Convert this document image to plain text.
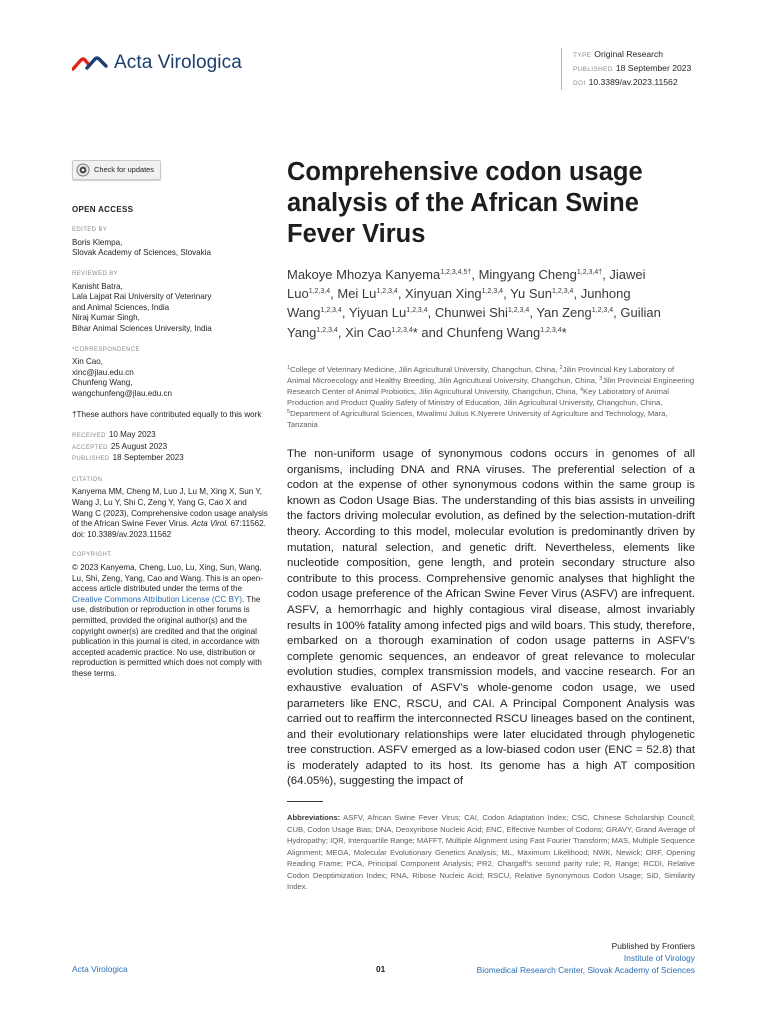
Acta Virologica	TYPE Original Research
PUBLISHED 18 September 2023
DOI 10.3389/av.2023.11562
Check for updates
OPEN ACCESS
EDITED BY
Boris Klempa,
Slovak Academy of Sciences, Slovakia
REVIEWED BY
Kanisht Batra,
Lala Lajpat Rai University of Veterinary
and Animal Sciences, India
Niraj Kumar Singh,
Bihar Animal Sciences University, India
*CORRESPONDENCE
Xin Cao,
xinc@jlau.edu.cn
Chunfeng Wang,
wangchunfeng@jlau.edu.cn
†These authors have contributed equally to this work
RECEIVED 10 May 2023
ACCEPTED 25 August 2023
PUBLISHED 18 September 2023
CITATION
Kanyema MM, Cheng M, Luo J, Lu M, Xing X, Sun Y, Wang J, Lu Y, Shi C, Zeng Y, Yang G, Cao X and Wang C (2023), Comprehensive codon usage analysis of the African Swine Fever Virus. Acta Virol. 67:11562.
doi: 10.3389/av.2023.11562
COPYRIGHT
© 2023 Kanyema, Cheng, Luo, Lu, Xing, Sun, Wang, Lu, Shi, Zeng, Yang, Cao and Wang. This is an open-access article distributed under the terms of the Creative Commons Attribution License (CC BY). The use, distribution or reproduction in other forums is permitted, provided the original author(s) and the copyright owner(s) are credited and that the original publication in this journal is cited, in accordance with accepted academic practice. No use, distribution or reproduction is permitted which does not comply with these terms.
Comprehensive codon usage analysis of the African Swine Fever Virus
Makoye Mhozya Kanyema$^{1,2,3,4,5\dagger}$, Mingyang Cheng$^{1,2,3,4\dagger}$, Jiawei Luo$^{1,2,3,4}$, Mei Lu$^{1,2,3,4}$, Xinyuan Xing$^{1,2,3,4}$, Yu Sun$^{1,2,3,4}$, Junhong Wang$^{1,2,3,4}$, Yiyuan Lu$^{1,2,3,4}$, Chunwei Shi$^{1,2,3,4}$, Yan Zeng$^{1,2,3,4}$, Guilian Yang$^{1,2,3,4}$, Xin Cao$^{1,2,3,4}$* and Chunfeng Wang$^{1,2,3,4}$*
$^1$College of Veterinary Medicine, Jilin Agricultural University, Changchun, China, $^2$Jilin Provincial Key Laboratory of Animal Microecology and Healthy Breeding, Jilin Agricultural University, Changchun, China, $^3$Jilin Provincial Engineering Research Center of Animal Probiotics, Jilin Agricultural University, Changchun, China, $^4$Key Laboratory of Animal Production and Product Quality Safety of Ministry of Education, Jilin Agricultural University, Changchun, China, $^5$Department of Agricultural Sciences, Mwalimu Julius K.Nyerere University of Agriculture and Technology, Mara, Tanzania

The non-uniform usage of synonymous codons occurs in genomes of all organisms, including DNA and RNA viruses. The preferential selection of a codon at the expense of other synonymous codons within the same group is known as Codon Usage Bias. The understanding of this bias assists in unveiling the factors driving molecular evolution, as defined by the selection-mutation-drift theory. According to this model, molecular evolution is predominantly driven by mutation, natural selection, and genetic drift. Nevertheless, elements like nucleotide composition, gene length, and protein secondary structure also contribute to this process. Comprehensive genomic analyses that highlight the codon usage preference of the African Swine Fever Virus (ASFV) are infrequent. ASFV, a hemorrhagic and highly contagious viral disease, almost invariably results in 100% fatality among infected pigs and wild boars. This study, therefore, embarked on a thorough examination of codon usage patterns in ASFV’s complete genomic sequences, an endeavor of great relevance to molecular evolution studies, complex transmission models, and vaccine research. For an exhaustive evaluation of ASFV’s whole-genome codon usage, we used parameters like ENC, RSCU, and CAI. A Principal Component Analysis was carried out to reaffirm the interconnected RSCU lineages based on the continent, and their evolutionary relationships were later elucidated through phylogenetic tree construction. ASFV emerged as a low-biased codon user (ENC = 52.8) that is moderately adapted to its host. Its genome has a high AT composition (64.05%), suggesting the impact of

Abbreviations: ASFV, African Swine Fever Virus; CAI, Codon Adaptation Index; CSC, Chinese Scholarship Council; CUB, Codon Usage Bias; DNA, Deoxyribose Nucleic Acid; ENC, Effective Number of Codons; GRAVY, Grand Average of Hydropathy; IQR, Interquartile Range; MAFFT, Multiple Alignment using Fast Fourier Transform; MAS, Multiple Sequence Alignment; MEGA, Molecular Evolutionary Genetics Analysis; ML, Maximum Likelihood; NWK, Newick; ORF, Opening Reading Frame; PCA, Principal Component Analysis; PR2, Chargaff’s second parity rule; R, Range; RCDI, Relative Codon Deoptimization Index; RNA, Ribose Nucleic Acid; RSCU, Relative Synonymous Codon Usage; SiD, Similarity Index.

Published by Frontiers
Institute of Virology
Biomedical Research Center, Slovak Academy of Sciences
Acta Virologica	01
